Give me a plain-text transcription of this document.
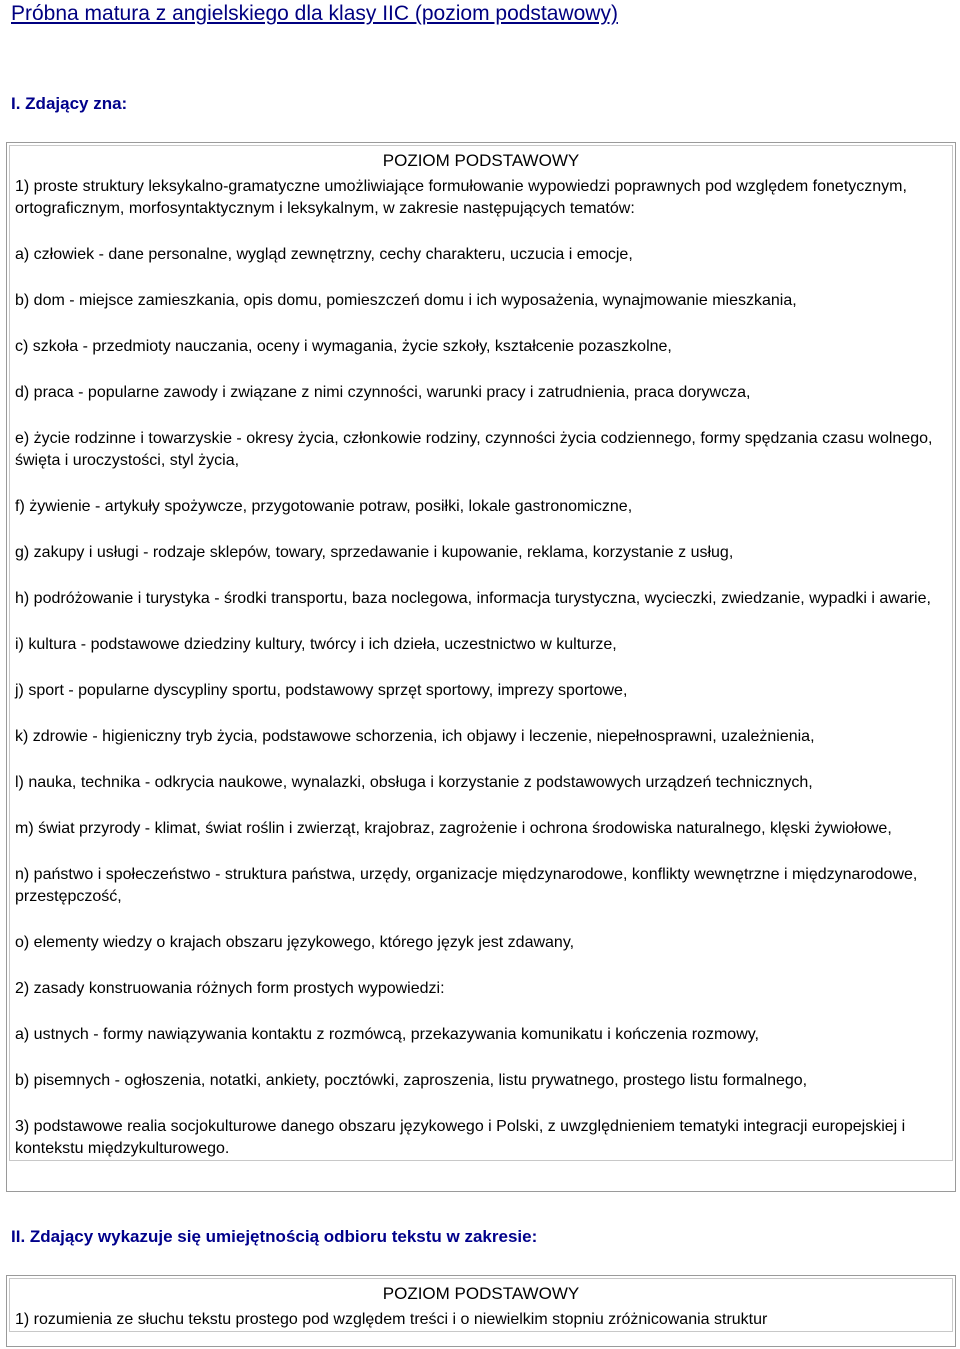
Próbna matura z angielskiego dla klasy IIC (poziom podstawowy)
I. Zdający zna:
POZIOM PODSTAWOWY

1) proste struktury leksykalno-gramatyczne umożliwiające formułowanie wypowiedzi poprawnych pod względem fonetycznym, ortograficznym, morfosyntaktycznym i leksykalnym, w zakresie następujących tematów:

a) człowiek - dane personalne, wygląd zewnętrzny, cechy charakteru, uczucia i emocje,

b) dom - miejsce zamieszkania, opis domu, pomieszczeń domu i ich wyposażenia, wynajmowanie mieszkania,

c) szkoła - przedmioty nauczania, oceny i wymagania, życie szkoły, kształcenie pozaszkolne,

d) praca - popularne zawody i związane z nimi czynności, warunki pracy i zatrudnienia, praca dorywcza,

e) życie rodzinne i towarzyskie - okresy życia, członkowie rodziny, czynności życia codziennego, formy spędzania czasu wolnego, święta i uroczystości, styl życia,

f) żywienie - artykuły spożywcze, przygotowanie potraw, posiłki, lokale gastronomiczne,

g) zakupy i usługi - rodzaje sklepów, towary, sprzedawanie i kupowanie, reklama, korzystanie z usług,

h) podróżowanie i turystyka - środki transportu, baza noclegowa, informacja turystyczna, wycieczki, zwiedzanie, wypadki i awarie,

i) kultura - podstawowe dziedziny kultury, twórcy i ich dzieła, uczestnictwo w kulturze,

j) sport - popularne dyscypliny sportu, podstawowy sprzęt sportowy, imprezy sportowe,

k) zdrowie - higieniczny tryb życia, podstawowe schorzenia, ich objawy i leczenie, niepełnosprawni, uzależnienia,

l) nauka, technika - odkrycia naukowe, wynalazki, obsługa i korzystanie z podstawowych urządzeń technicznych,

m) świat przyrody - klimat, świat roślin i zwierząt, krajobraz, zagrożenie i ochrona środowiska naturalnego, klęski żywiołowe,

n) państwo i społeczeństwo - struktura państwa, urzędy, organizacje międzynarodowe, konflikty wewnętrzne i międzynarodowe, przestępczość,

o) elementy wiedzy o krajach obszaru językowego, którego język jest zdawany,

2) zasady konstruowania różnych form prostych wypowiedzi:

a) ustnych - formy nawiązywania kontaktu z rozmówcą, przekazywania komunikatu i kończenia rozmowy,

b) pisemnych - ogłoszenia, notatki, ankiety, pocztówki, zaproszenia, listu prywatnego, prostego listu formalnego,

3) podstawowe realia socjokulturowe danego obszaru językowego i Polski, z uwzględnieniem tematyki integracji europejskiej i kontekstu międzykulturowego.

II. Zdający wykazuje się umiejętnością odbioru tekstu w zakresie:
POZIOM PODSTAWOWY

1) rozumienia ze słuchu tekstu prostego pod względem treści i o niewielkim stopniu zróżnicowania struktur
